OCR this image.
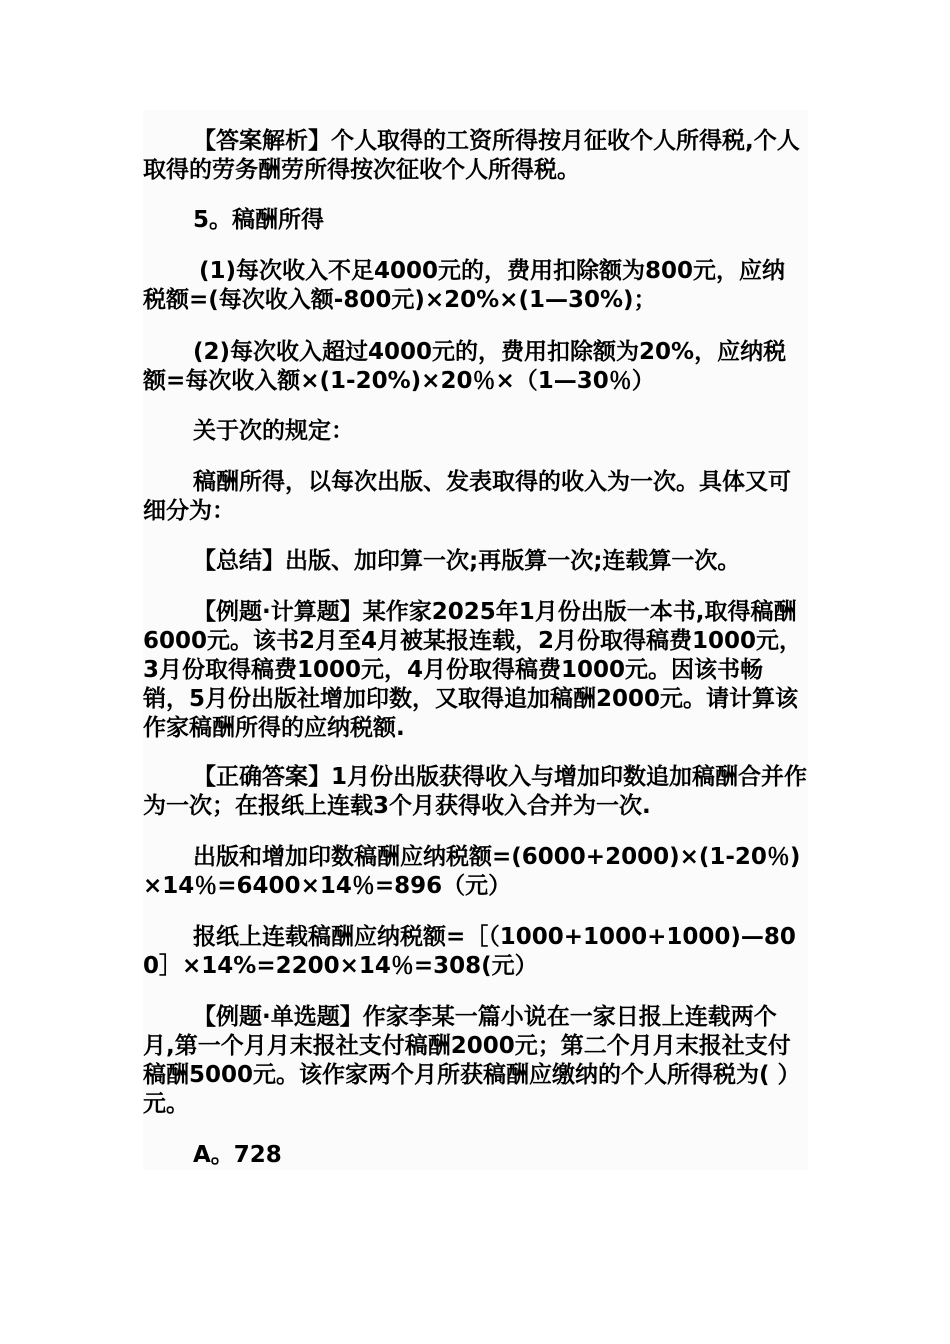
【答案解析】个人取得的工资所得按月征收个人所得税,个人取得的劳务酬劳所得按次征收个人所得税。

5。稿酬所得

(1)每次收入不足4000元的，费用扣除额为800元，应纳税额=(每次收入额-800元)×20%×(1—30%)；

(2)每次收入超过4000元的，费用扣除额为20%，应纳税额=每次收入额×(1-20%)×20％×（1—30％）

关于次的规定：

稿酬所得，以每次出版、发表取得的收入为一次。具体又可细分为：

【总结】出版、加印算一次;再版算一次;连载算一次。

【例题·计算题】某作家2025年1月份出版一本书,取得稿酬6000元。该书2月至4月被某报连载，2月份取得稿费1000元，3月份取得稿费1000元，4月份取得稿费1000元。因该书畅销，5月份出版社增加印数，又取得追加稿酬2000元。请计算该作家稿酬所得的应纳税额.

【正确答案】1月份出版获得收入与增加印数追加稿酬合并作为一次；在报纸上连载3个月获得收入合并为一次.

出版和增加印数稿酬应纳税额=(6000+2000)×(1-20％)×14％=6400×14％=896（元）

报纸上连载稿酬应纳税额=［（1000+1000+1000)—800］×14%=2200×14％=308(元）

【例题·单选题】作家李某一篇小说在一家日报上连载两个月,第一个月月末报社支付稿酬2000元；第二个月月末报社支付稿酬5000元。该作家两个月所获稿酬应缴纳的个人所得税为( ）元。

A。728
